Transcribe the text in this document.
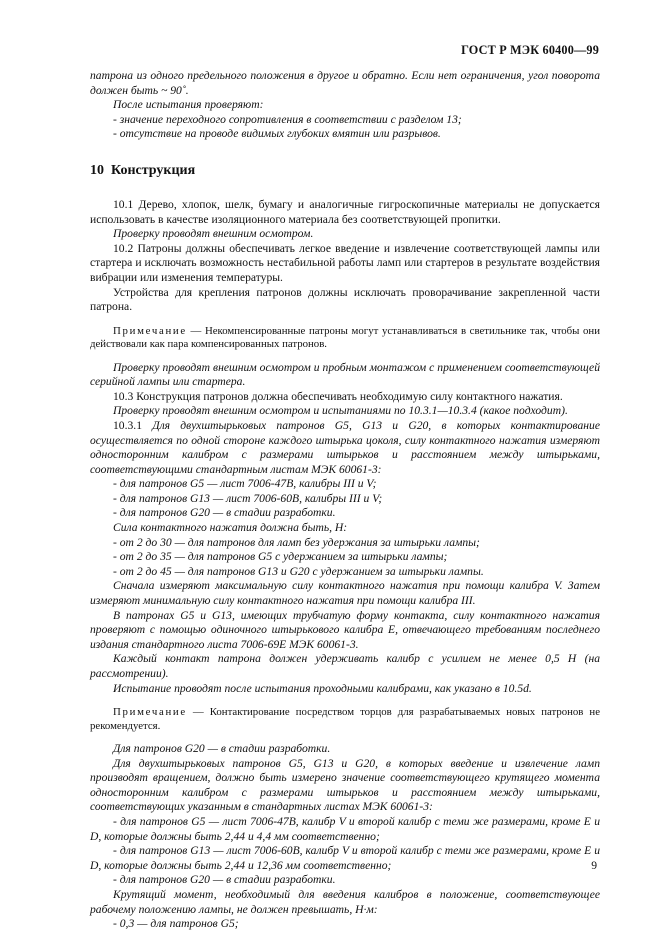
ГОСТ Р МЭК 60400—99

патрона из одного предельного положения в другое и обратно. Если нет ограничения, угол поворота должен быть ~ 90˚.

После испытания проверяют:

- значение переходного сопротивления в соответствии с разделом 13;

- отсутствие на проводе видимых глубоких вмятин или разрывов.

10 Конструкция

10.1 Дерево, хлопок, шелк, бумагу и аналогичные гигроскопичные материалы не допускается использовать в качестве изоляционного материала без соответствующей пропитки.

Проверку проводят внешним осмотром.

10.2 Патроны должны обеспечивать легкое введение и извлечение соответствующей лампы или стартера и исключать возможность нестабильной работы ламп или стартеров в результате воздействия вибрации или изменения температуры.

Устройства для крепления патронов должны исключать проворачивание закрепленной части патрона.

Примечание — Некомпенсированные патроны могут устанавливаться в светильнике так, чтобы они действовали как пара компенсированных патронов.

Проверку проводят внешним осмотром и пробным монтажом с применением соответствующей серийной лампы или стартера.

10.3 Конструкция патронов должна обеспечивать необходимую силу контактного нажатия.

Проверку проводят внешним осмотром и испытаниями по 10.3.1—10.3.4 (какое подходит).

10.3.1 Для двухштырьковых патронов G5, G13 и G20, в которых контактирование осуществляется по одной стороне каждого штырька цоколя, силу контактного нажатия измеряют односторонним калибром с размерами штырьков и расстоянием между штырьками, соответствующими стандартным листам МЭК 60061-3:

- для патронов G5 — лист 7006-47В, калибры III и V;

- для патронов G13 — лист 7006-60В, калибры III и V;

- для патронов G20 — в стадии разработки.

Сила контактного нажатия должна быть, Н:

- от 2 до 30 — для патронов для ламп без удержания за штырьки лампы;

- от 2 до 35 — для патронов G5 с удержанием за штырьки лампы;

- от 2 до 45 — для патронов G13 и G20 с удержанием за штырьки лампы.

Сначала измеряют максимальную силу контактного нажатия при помощи калибра V. Затем измеряют минимальную силу контактного нажатия при помощи калибра III.

В патронах G5 и G13, имеющих трубчатую форму контакта, силу контактного нажатия проверяют с помощью одиночного штырькового калибра Е, отвечающего требованиям последнего издания стандартного листа 7006-69Е МЭК 60061-3.

Каждый контакт патрона должен удерживать калибр с усилием не менее 0,5 Н (на рассмотрении).

Испытание проводят после испытания проходными калибрами, как указано в 10.5d.

Примечание — Контактирование посредством торцов для разрабатываемых новых патронов не рекомендуется.

Для патронов G20 — в стадии разработки.

Для двухштырьковых патронов G5, G13 и G20, в которых введение и извлечение ламп производят вращением, должно быть измерено значение соответствующего крутящего момента односторонним калибром с размерами штырьков и расстоянием между штырьками, соответствующих указанным в стандартных листах МЭК 60061-3:

- для патронов G5 — лист 7006-47В, калибр V и второй калибр с теми же размерами, кроме Е и D, которые должны быть 2,44 и 4,4 мм соответственно;

- для патронов G13 — лист 7006-60В, калибр V и второй калибр с теми же размерами, кроме Е и D, которые должны быть 2,44 и 12,36 мм соответственно;

- для патронов G20 — в стадии разработки.

Крутящий момент, необходимый для введения калибров в положение, соответствующее рабочему положению лампы, не должен превышать, Н·м:

- 0,3 — для патронов G5;

9
